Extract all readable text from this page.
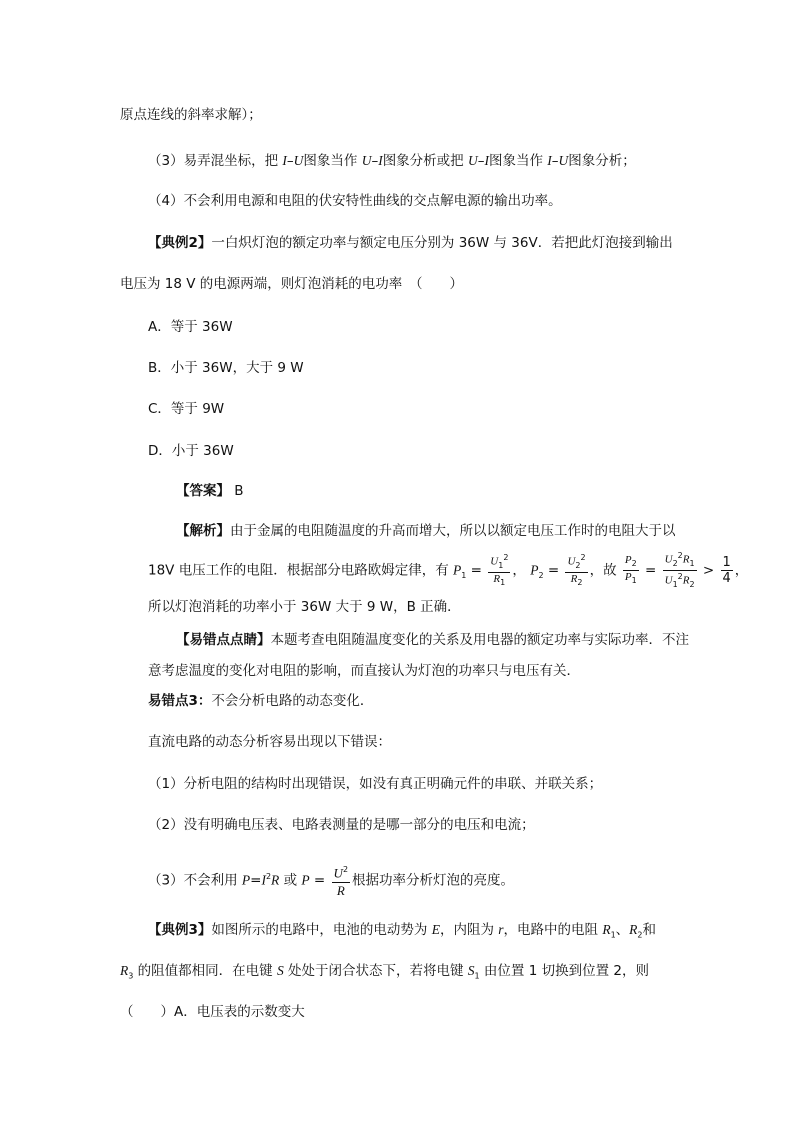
原点连线的斜率求解）；
（3）易弄混坐标，把 I–U图象当作 U–I图象分析或把 U–I图象当作 I–U图象分析；
（4）不会利用电源和电阻的伏安特性曲线的交点解电源的输出功率。
【典例2】一白炽灯泡的额定功率与额定电压分别为 36W 与 36V．若把此灯泡接到输出
电压为 18 V 的电源两端，则灯泡消耗的电功率　（　　）
A．等于 36W
B．小于 36W，大于 9 W
C．等于 9W
D．小于 36W
【答案】 B
【解析】由于金属的电阻随温度的升高而增大，所以以额定电压工作时的电阻大于以
18V 电压工作的电阻．根据部分电路欧姆定律，有 $P_1 = \frac{U_1^2}{R_1}$ ， $P_2 = \frac{U_2^2}{R_2}$ ，故 $\frac{P_2}{P_1} = \frac{U_2^2R_1}{U_1^2R_2} > \frac{1}{4}$ ，
所以灯泡消耗的功率小于 36W 大于 9 W，B 正确．
【易错点点睛】本题考查电阻随温度变化的关系及用电器的额定功率与实际功率．不注
意考虑温度的变化对电阻的影响，而直接认为灯泡的功率只与电压有关．
易错点3：不会分析电路的动态变化．
直流电路的动态分析容易出现以下错误：
（1）分析电阻的结构时出现错误，如没有真正明确元件的串联、并联关系；
（2）没有明确电压表、电路表测量的是哪一部分的电压和电流；
（3）不会利用 $P=I^2R$ 或 $P = \frac{U^2}{R}$ 根据功率分析灯泡的亮度。
【典例3】如图所示的电路中，电池的电动势为 E，内阻为 r，电路中的电阻 $R_1$、$R_2$和
$R_3$ 的阻值都相同．在电键 S 处处于闭合状态下，若将电键 $S_1$ 由位置 1 切换到位置 2，则
（　　）A．电压表的示数变大
